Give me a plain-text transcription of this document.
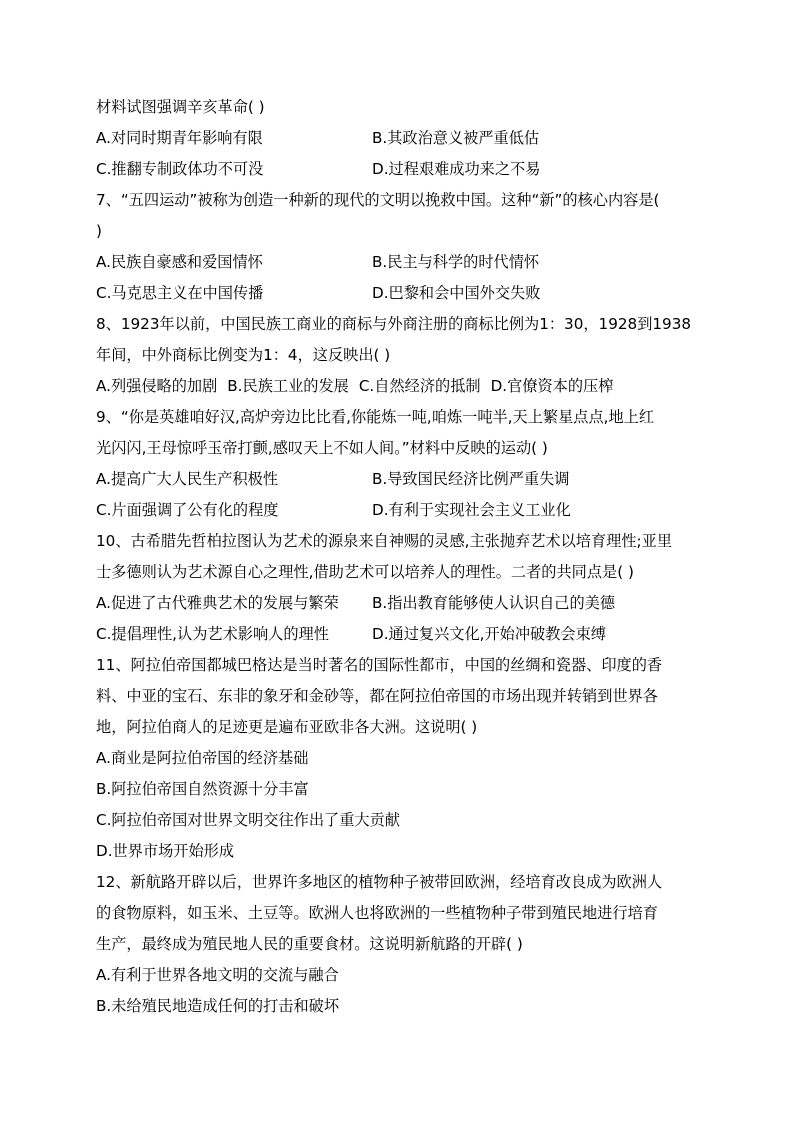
材料试图强调辛亥革命( )
A.对同时期青年影响有限	B.其政治意义被严重低估
C.推翻专制政体功不可没	D.过程艰难成功来之不易
7、“五四运动”被称为创造一种新的现代的文明以挽救中国。这种“新”的核心内容是(
)
A.民族自豪感和爱国情怀	B.民主与科学的时代情怀
C.马克思主义在中国传播	D.巴黎和会中国外交失败
8、1923年以前，中国民族工商业的商标与外商注册的商标比例为1：30，1928到1938
年间，中外商标比例变为1：4，这反映出( )
A.列强侵略的加剧 B.民族工业的发展 C.自然经济的抵制 D.官僚资本的压榨
9、“你是英雄咱好汉,高炉旁边比比看,你能炼一吨,咱炼一吨半,天上繁星点点,地上红
光闪闪,王母惊呼玉帝打颤,感叹天上不如人间。”材料中反映的运动( )
A.提高广大人民生产积极性	B.导致国民经济比例严重失调
C.片面强调了公有化的程度	D.有利于实现社会主义工业化
10、古希腊先哲柏拉图认为艺术的源泉来自神赐的灵感,主张抛弃艺术以培育理性;亚里
士多德则认为艺术源自心之理性,借助艺术可以培养人的理性。二者的共同点是( )
A.促进了古代雅典艺术的发展与繁荣	B.指出教育能够使人认识自己的美德
C.提倡理性,认为艺术影响人的理性	D.通过复兴文化,开始冲破教会束缚
11、阿拉伯帝国都城巴格达是当时著名的国际性都市，中国的丝绸和瓷器、印度的香
料、中亚的宝石、东非的象牙和金砂等，都在阿拉伯帝国的市场出现并转销到世界各
地，阿拉伯商人的足迹更是遍布亚欧非各大洲。这说明( )
A.商业是阿拉伯帝国的经济基础
B.阿拉伯帝国自然资源十分丰富
C.阿拉伯帝国对世界文明交往作出了重大贡献
D.世界市场开始形成
12、新航路开辟以后，世界许多地区的植物种子被带回欧洲，经培育改良成为欧洲人
的食物原料，如玉米、土豆等。欧洲人也将欧洲的一些植物种子带到殖民地进行培育
生产，最终成为殖民地人民的重要食材。这说明新航路的开辟( )
A.有利于世界各地文明的交流与融合
B.未给殖民地造成任何的打击和破坏
